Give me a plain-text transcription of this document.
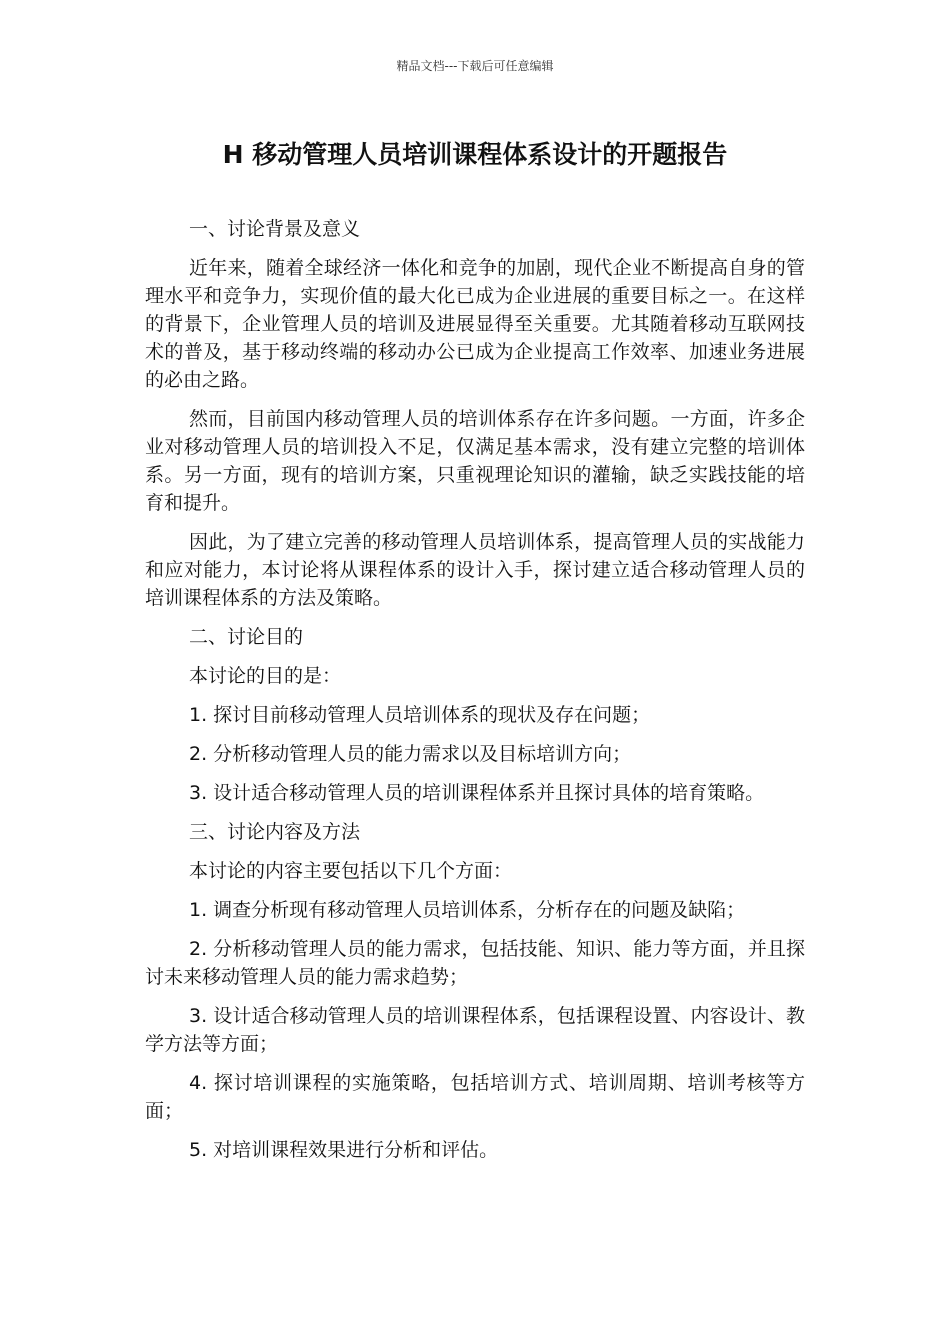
精品文档---下载后可任意编辑
H 移动管理人员培训课程体系设计的开题报告

一、讨论背景及意义

近年来，随着全球经济一体化和竞争的加剧，现代企业不断提高自身的管理水平和竞争力，实现价值的最大化已成为企业进展的重要目标之一。在这样的背景下，企业管理人员的培训及进展显得至关重要。尤其随着移动互联网技术的普及，基于移动终端的移动办公已成为企业提高工作效率、加速业务进展的必由之路。

然而，目前国内移动管理人员的培训体系存在许多问题。一方面，许多企业对移动管理人员的培训投入不足，仅满足基本需求，没有建立完整的培训体系。另一方面，现有的培训方案，只重视理论知识的灌输，缺乏实践技能的培育和提升。

因此，为了建立完善的移动管理人员培训体系，提高管理人员的实战能力和应对能力，本讨论将从课程体系的设计入手，探讨建立适合移动管理人员的培训课程体系的方法及策略。

二、讨论目的

本讨论的目的是：

1. 探讨目前移动管理人员培训体系的现状及存在问题；

2. 分析移动管理人员的能力需求以及目标培训方向；

3. 设计适合移动管理人员的培训课程体系并且探讨具体的培育策略。

三、讨论内容及方法

本讨论的内容主要包括以下几个方面：

1. 调查分析现有移动管理人员培训体系，分析存在的问题及缺陷；

2. 分析移动管理人员的能力需求，包括技能、知识、能力等方面，并且探讨未来移动管理人员的能力需求趋势；

3. 设计适合移动管理人员的培训课程体系，包括课程设置、内容设计、教学方法等方面；

4. 探讨培训课程的实施策略，包括培训方式、培训周期、培训考核等方面；

5. 对培训课程效果进行分析和评估。
